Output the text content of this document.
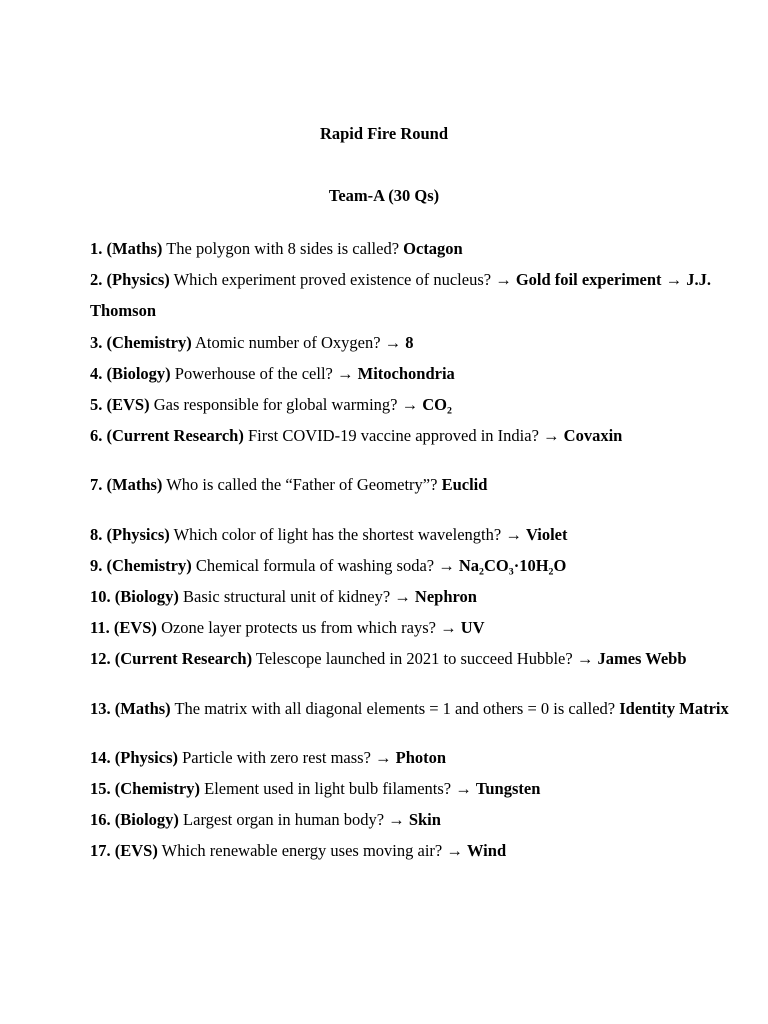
Rapid Fire Round
Team-A (30 Qs)

1. (Maths) The polygon with 8 sides is called? Octagon

2. (Physics) Which experiment proved existence of nucleus? → Gold foil experiment → J.J. Thomson

3. (Chemistry) Atomic number of Oxygen? → 8

4. (Biology) Powerhouse of the cell? → Mitochondria

5. (EVS) Gas responsible for global warming? → CO₂

6. (Current Research) First COVID-19 vaccine approved in India? → Covaxin

7. (Maths) Who is called the “Father of Geometry”? Euclid

8. (Physics) Which color of light has the shortest wavelength? → Violet

9. (Chemistry) Chemical formula of washing soda? → Na₂CO₃·10H₂O

10. (Biology) Basic structural unit of kidney? → Nephron

11. (EVS) Ozone layer protects us from which rays? → UV

12. (Current Research) Telescope launched in 2021 to succeed Hubble? → James Webb

13. (Maths) The matrix with all diagonal elements = 1 and others = 0 is called? Identity Matrix

14. (Physics) Particle with zero rest mass? → Photon

15. (Chemistry) Element used in light bulb filaments? → Tungsten

16. (Biology) Largest organ in human body? → Skin

17. (EVS) Which renewable energy uses moving air? → Wind
